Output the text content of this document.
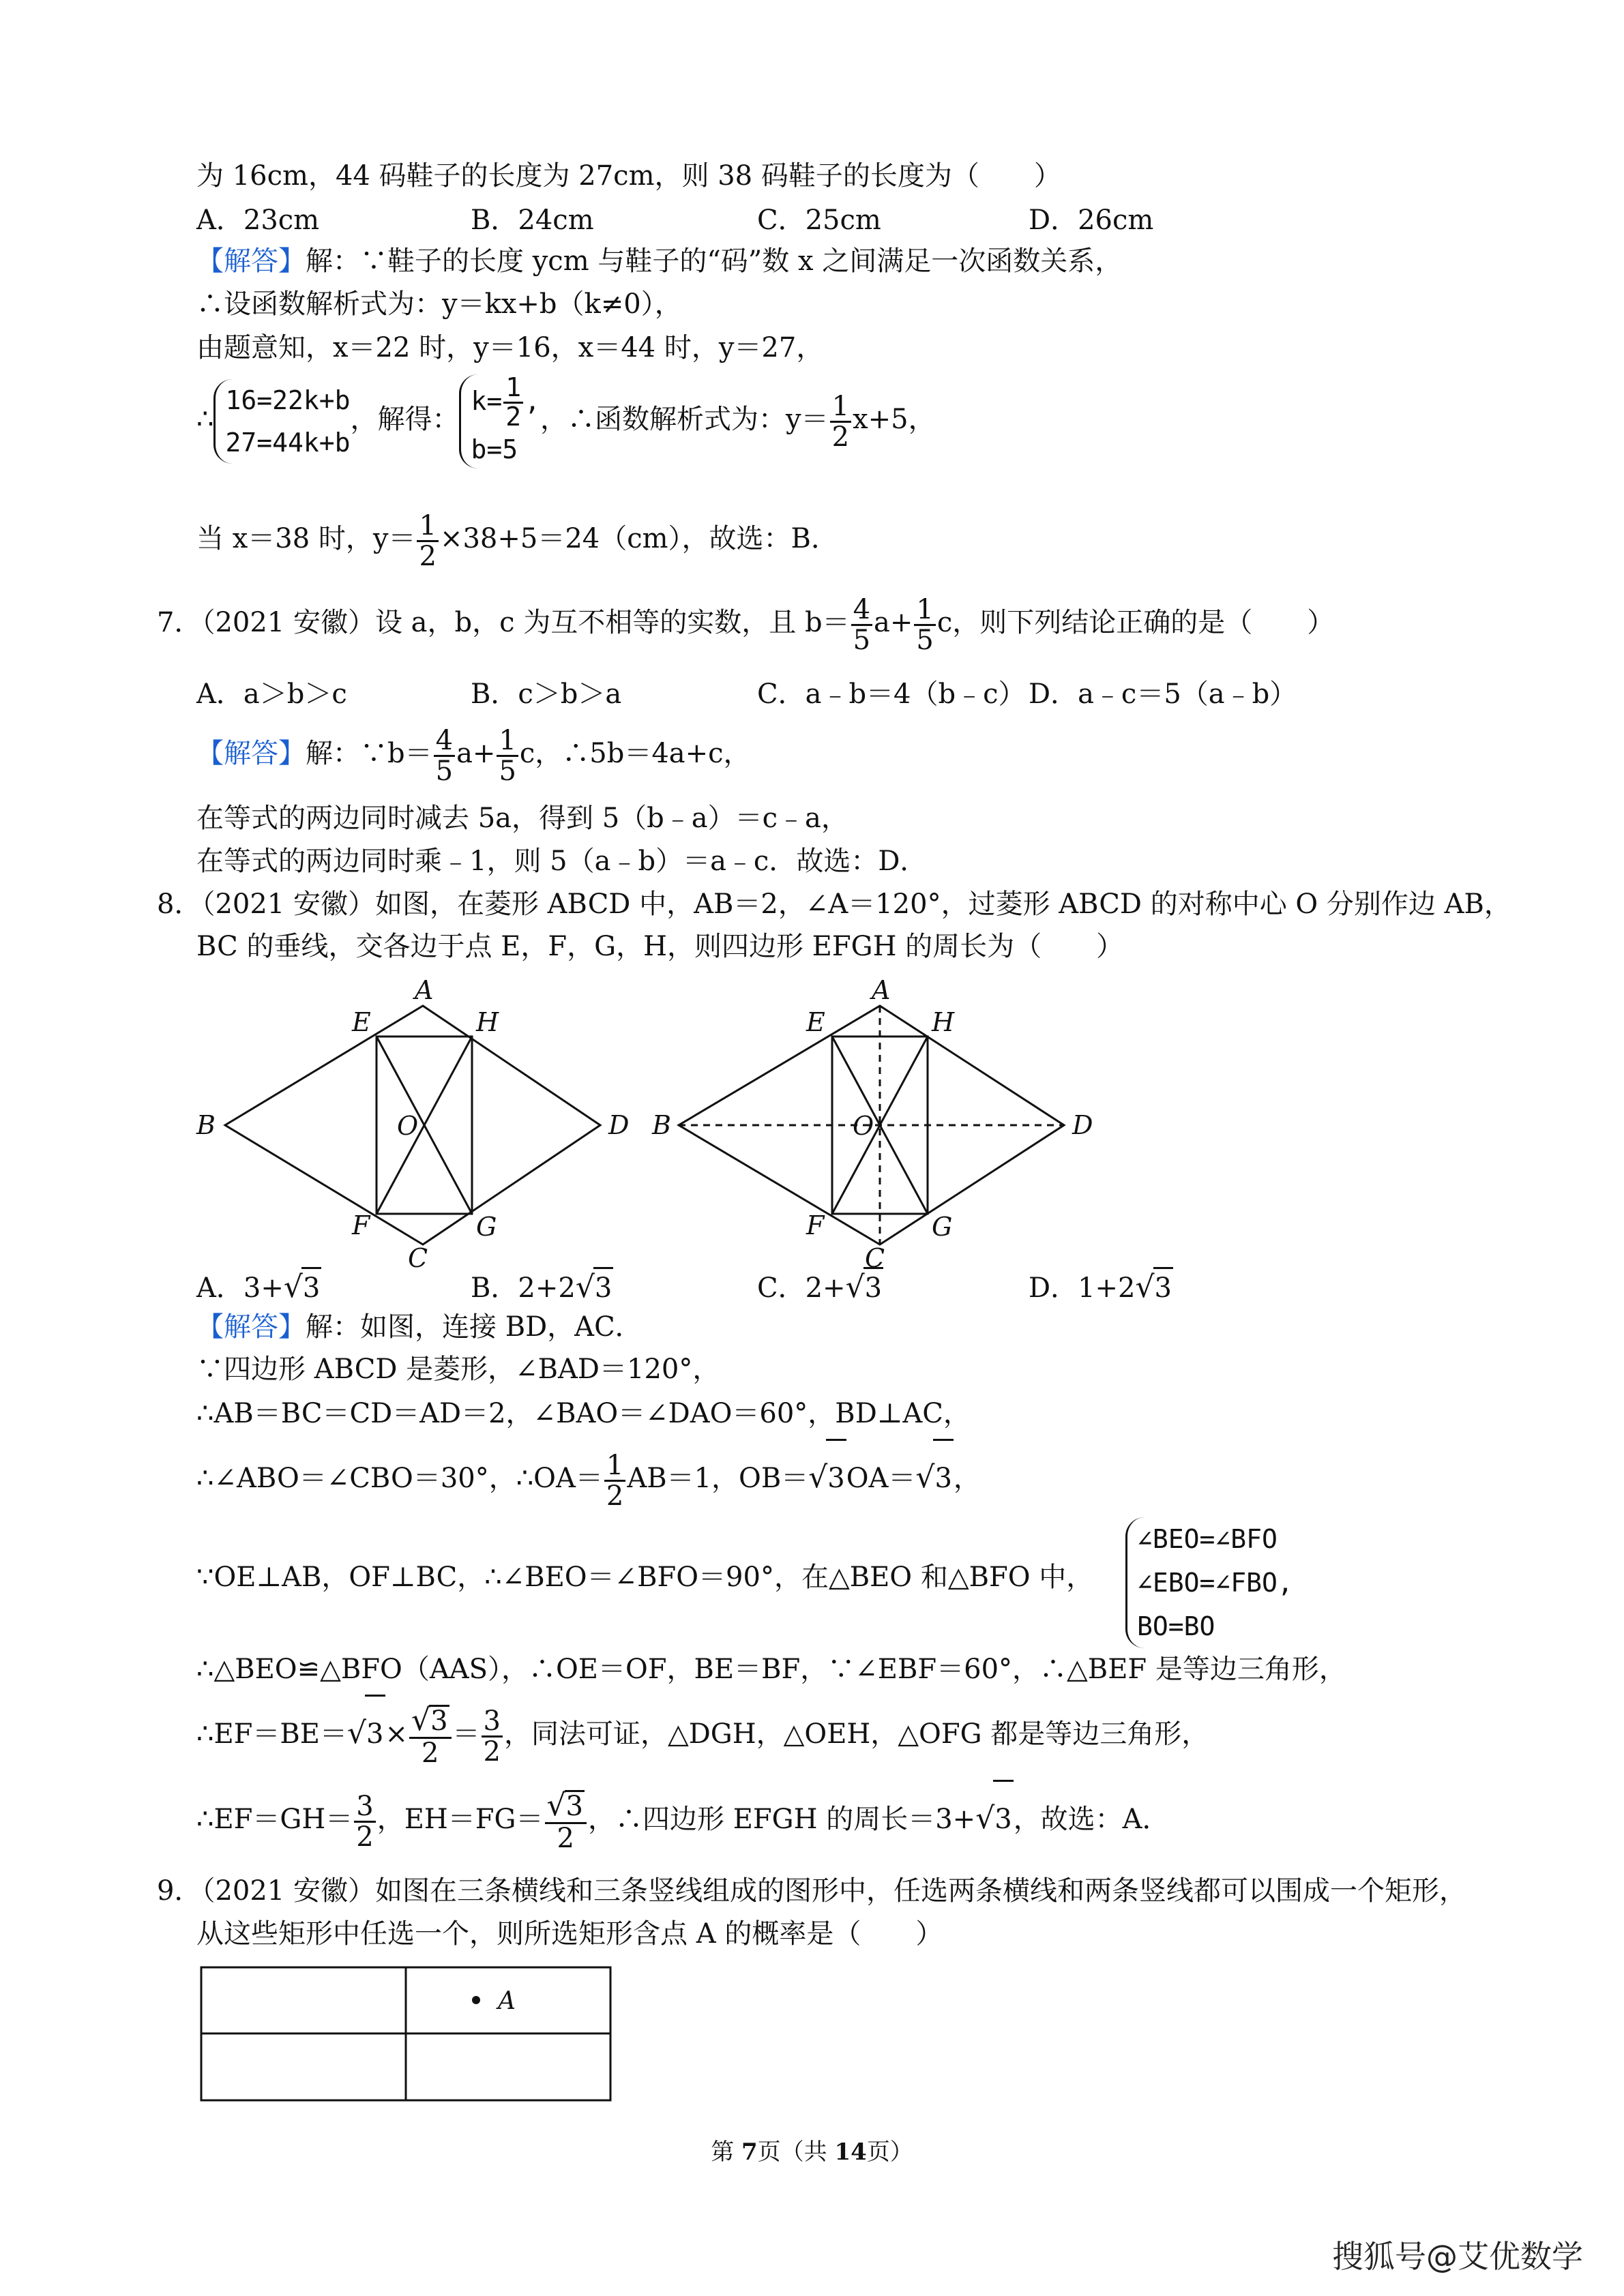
为 16cm，44 码鞋子的长度为 27cm，则 38 码鞋子的长度为（　　）
A．23cm	B．24cm	C．25cm	D．26cm
【解答】解：∵鞋子的长度 ycm 与鞋子的“码”数 x 之间满足一次函数关系，
∴设函数解析式为：y＝kx+b（k≠0），
由题意知，x＝22 时，y＝16，x＝44 时，y＝27，
∴
16=22k+b
27=44k+b
，解得：
$k= \frac{1}{2}$ ,
b=5
，∴函数解析式为：$y= \frac{1}{2} x+5$，
当 x＝38 时，$y= \frac{1}{2} \times 38+5=24(cm)$，故选：B．
7．（2021 安徽）设 a，b，c 为互不相等的实数，且 $b= \frac{4}{5} a+ \frac{1}{5}$ c，则下列结论正确的是（　　）
A．a＞b＞c	B．c＞b＞a	C．a﹣b＝4（b﹣c） D．a﹣c＝5（a﹣b）
【解答】解：∵b＝ $\frac{4}{5} a+ \frac{1}{5}$ c，∴5b＝4a+c，
在等式的两边同时减去 5a，得到 5（b﹣a）＝c﹣a，
在等式的两边同时乘﹣1，则 5（a﹣b）＝a﹣c．故选：D．
8．（2021 安徽）如图，在菱形 ABCD 中，AB＝2，∠A＝120°，过菱形 ABCD 的对称中心 O 分别作边 AB，
BC 的垂线，交各边于点 E，F，G，H，则四边形 EFGH 的周长为（　　）
A
B
C
D
E
F	G
H
O
A
B
C
D
E
F	G
H
O
A．3+√3	B．2+2√3	C．2+√3	D．1+2√3
【解答】解：如图，连接 BD，AC．
∵四边形 ABCD 是菱形，∠BAD＝120°，
∴AB＝BC＝CD＝AD＝2，∠BAO＝∠DAO＝60°，BD⊥AC，
∴∠ABO＝∠CBO＝30°，∴OA＝ $\frac{1}{2} AB=1$，OB＝√3OA＝√3，
∵OE⊥AB，OF⊥BC，∴∠BEO＝∠BFO＝90°，在△BEO 和△BFO 中，
∠BEO=∠BFO
∠EBO=∠FBO,
BO=BO
∴△BEO≌△BFO（AAS），∴OE＝OF，BE＝BF，∵∠EBF＝60°，∴△BEF 是等边三角形，
∴EF＝BE＝√3× $\frac{√3}{2} = \frac{3}{2}$ ，同法可证，△DGH，△OEH，△OFG 都是等边三角形，
∴EF＝GH＝ $\frac{3}{2}$ ，$EH=FG= \frac{√3}{2}$ ，∴四边形 EFGH 的周长＝3+√3，故选：A．
9．（2021 安徽）如图在三条横线和三条竖线组成的图形中，任选两条横线和两条竖线都可以围成一个矩形，
从这些矩形中任选一个，则所选矩形含点 A 的概率是（　　）
A
第 7页（共 14页）
搜狐号@艾优数学
